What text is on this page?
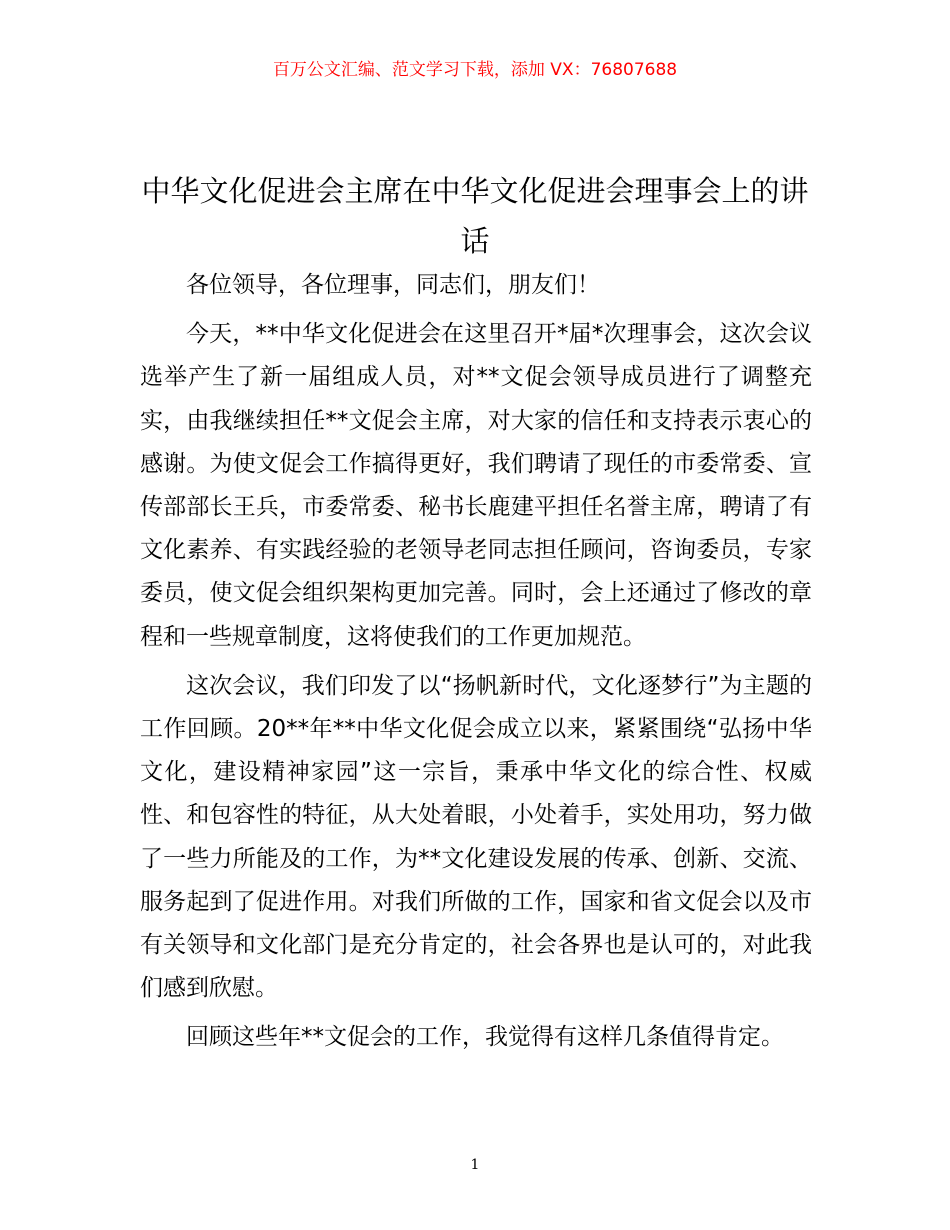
百万公文汇编、范文学习下载，添加 VX：76807688
中华文化促进会主席在中华文化促进会理事会上的讲话

各位领导，各位理事，同志们，朋友们！

今天，**中华文化促进会在这里召开*届*次理事会，这次会议选举产生了新一届组成人员，对**文促会领导成员进行了调整充实，由我继续担任**文促会主席，对大家的信任和支持表示衷心的感谢。为使文促会工作搞得更好，我们聘请了现任的市委常委、宣传部部长王兵，市委常委、秘书长鹿建平担任名誉主席，聘请了有文化素养、有实践经验的老领导老同志担任顾问，咨询委员，专家委员，使文促会组织架构更加完善。同时，会上还通过了修改的章程和一些规章制度，这将使我们的工作更加规范。

这次会议，我们印发了以“扬帆新时代，文化逐梦行”为主题的工作回顾。20**年**中华文化促会成立以来，紧紧围绕“弘扬中华文化，建设精神家园”这一宗旨，秉承中华文化的综合性、权威性、和包容性的特征，从大处着眼，小处着手，实处用功，努力做了一些力所能及的工作，为**文化建设发展的传承、创新、交流、服务起到了促进作用。对我们所做的工作，国家和省文促会以及市有关领导和文化部门是充分肯定的，社会各界也是认可的，对此我们感到欣慰。

回顾这些年**文促会的工作，我觉得有这样几条值得肯定。

1
